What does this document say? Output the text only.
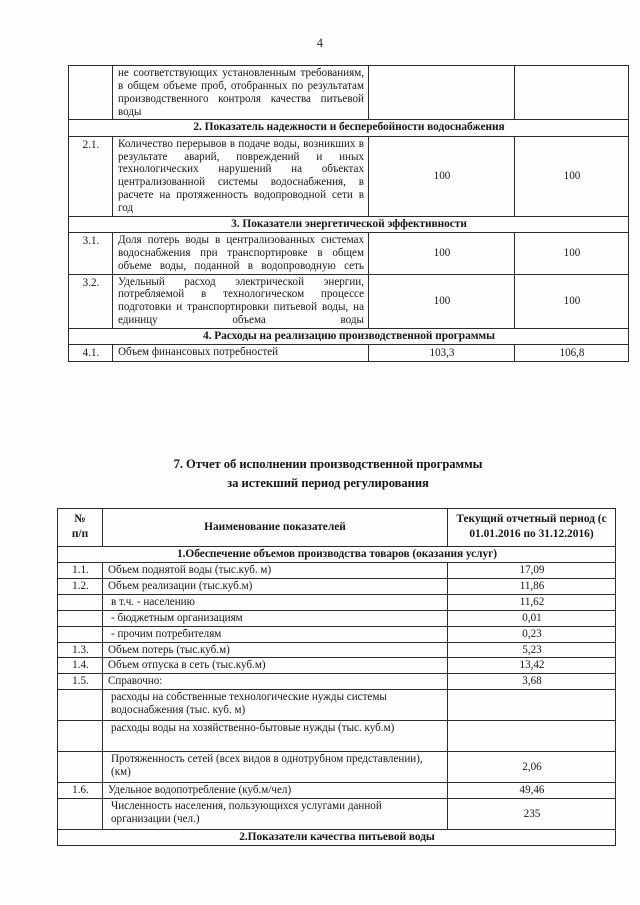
4
	не соответствующих установленным требованиям, в общем объеме проб, отобранных по результатам производственного контроля качества питьевой воды		
2. Показатель надежности и бесперебойности водоснабжения			
2.1.	Количество перерывов в подаче воды, возникших в результате аварий, повреждений и иных технологических нарушений на объектах централизованной системы водоснабжения, в расчете на протяженность водопроводной сети в год	100	100
3. Показатели энергетической эффективности			
3.1.	Доля потерь воды в централизованных системах водоснабжения при транспортировке в общем объеме воды, поданной в водопроводную сеть	100	100
3.2.	Удельный расход электрической энергии, потребляемой в технологическом процессе подготовки и транспортировки питьевой воды, на единицу объема воды	100	100
4. Расходы на реализацию производственной программы			
4.1.	Объем финансовых потребностей	103,3	106,8
7. Отчет об исполнении производственной программы
за истекший период регулирования
№
п/п	Наименование показателей	Текущий отчетный период (с 01.01.2016 по 31.12.2016)
1.Обеспечение объемов производства товаров (оказания услуг)		
1.1.	Объем поднятой воды (тыс.куб. м)	17,09
1.2.	Объем реализации (тыс.куб.м)	11,86
	в т.ч. - населению	11,62
	- бюджетным организациям	0,01
	- прочим потребителям	0,23
1.3.	Объем потерь (тыс.куб.м)	5,23
1.4.	Объем отпуска в сеть (тыс.куб.м)	13,42
1.5.	Справочно:	3,68
	расходы на собственные технологические нужды системы водоснабжения (тыс. куб. м)	
	расходы воды на хозяйственно-бытовые нужды (тыс. куб.м)	
	Протяженность сетей (всех видов в однотрубном представлении), (км)	2,06
1.6.	Удельное водопотребление (куб.м/чел)	49,46
	Численность населения, пользующихся услугами данной организации (чел.)	235
2.Показатели качества питьевой воды		
